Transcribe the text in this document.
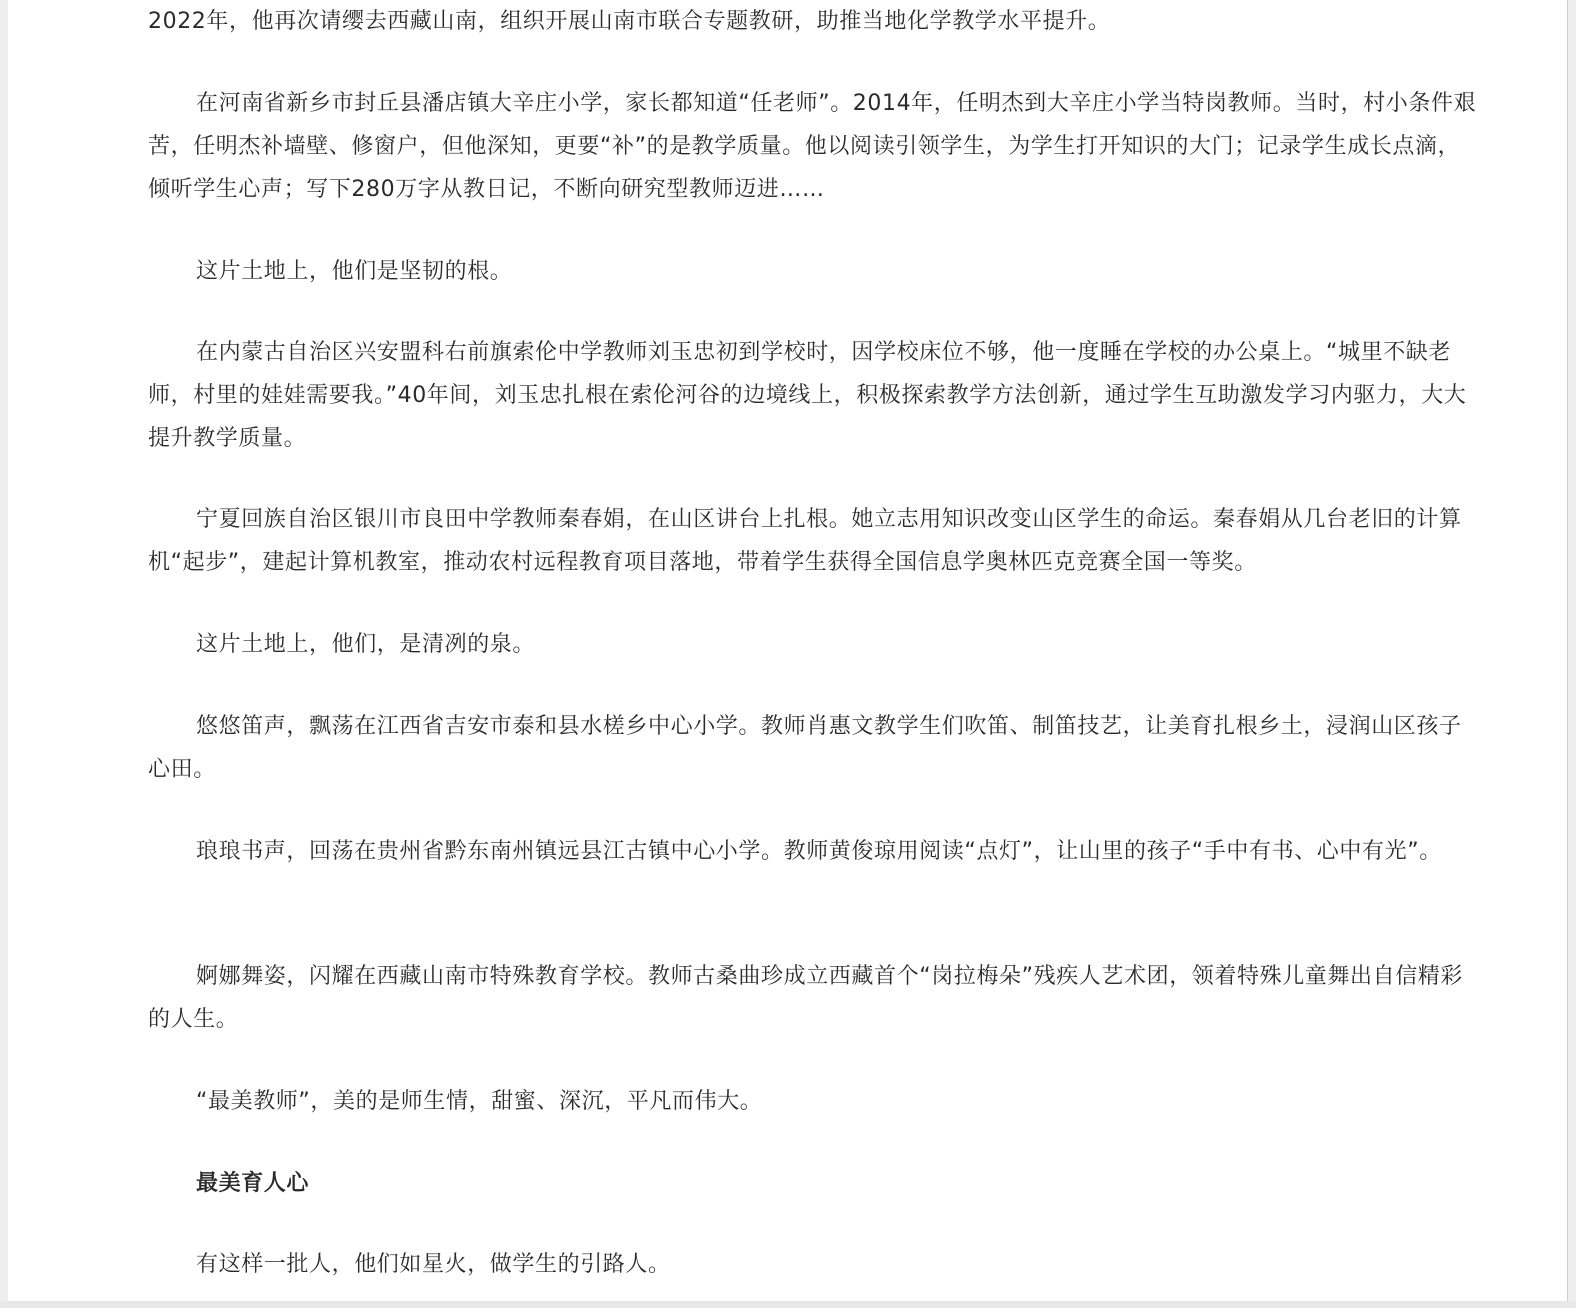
2022年，他再次请缨去西藏山南，组织开展山南市联合专题教研，助推当地化学教学水平提升。

在河南省新乡市封丘县潘店镇大辛庄小学，家长都知道“任老师”。2014年，任明杰到大辛庄小学当特岗教师。当时，村小条件艰苦，任明杰补墙壁、修窗户，但他深知，更要“补”的是教学质量。他以阅读引领学生，为学生打开知识的大门；记录学生成长点滴，倾听学生心声；写下280万字从教日记，不断向研究型教师迈进……

这片土地上，他们是坚韧的根。

在内蒙古自治区兴安盟科右前旗索伦中学教师刘玉忠初到学校时，因学校床位不够，他一度睡在学校的办公桌上。“城里不缺老师，村里的娃娃需要我。”40年间，刘玉忠扎根在索伦河谷的边境线上，积极探索教学方法创新，通过学生互助激发学习内驱力，大大提升教学质量。

宁夏回族自治区银川市良田中学教师秦春娟，在山区讲台上扎根。她立志用知识改变山区学生的命运。秦春娟从几台老旧的计算机“起步”，建起计算机教室，推动农村远程教育项目落地，带着学生获得全国信息学奥林匹克竞赛全国一等奖。

这片土地上，他们，是清冽的泉。

悠悠笛声，飘荡在江西省吉安市泰和县水槎乡中心小学。教师肖惠文教学生们吹笛、制笛技艺，让美育扎根乡土，浸润山区孩子心田。

琅琅书声，回荡在贵州省黔东南州镇远县江古镇中心小学。教师黄俊琼用阅读“点灯”，让山里的孩子“手中有书、心中有光”。

婀娜舞姿，闪耀在西藏山南市特殊教育学校。教师古桑曲珍成立西藏首个“岗拉梅朵”残疾人艺术团，领着特殊儿童舞出自信精彩的人生。

“最美教师”，美的是师生情，甜蜜、深沉，平凡而伟大。

最美育人心

有这样一批人，他们如星火，做学生的引路人。
